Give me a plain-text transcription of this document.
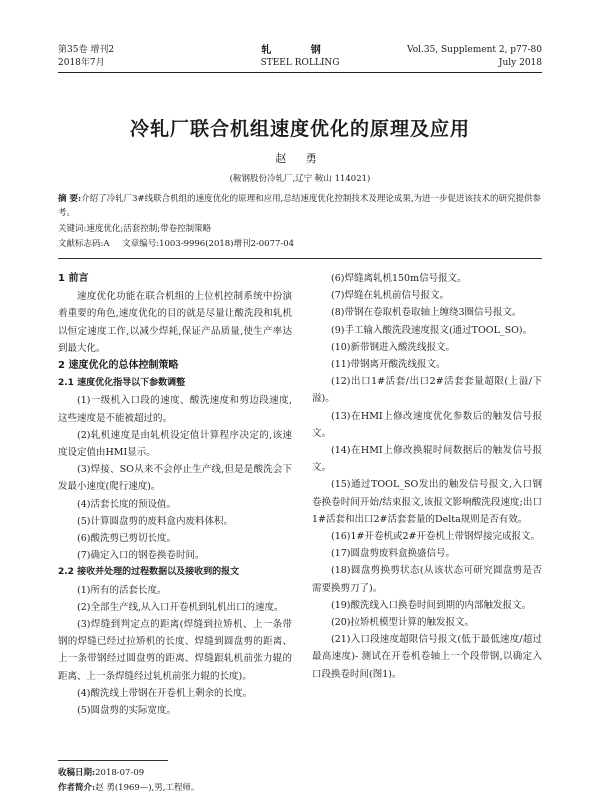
第35卷 增刊2
2018年7月
轧 钢
STEEL ROLLING
Vol.35, Supplement 2, p77-80
July 2018
冷轧厂联合机组速度优化的原理及应用
赵 勇
(鞍钢股份冷轧厂,辽宁 鞍山 114021)
摘 要:介绍了冷轧厂3#线联合机组的速度优化的原理和应用,总结速度优化控制技术及理论成果,为进一步促进该技术的研究提供参考。
关键词:速度优化;活套控制;带卷控制策略
文献标志码:A 文章编号:1003-9996(2018)增刊2-0077-04
1 前言
速度优化功能在联合机组的上位机控制系统中扮演着重要的角色,速度优化的目的就是尽量让酸洗段和轧机以恒定速度工作,以减少焊耗,保证产品质量,使生产率达到最大化。
2 速度优化的总体控制策略
2.1 速度优化指导以下参数调整
(1)一级机入口段的速度、酸洗速度和剪边段速度,这些速度是不能被超过的。
(2)轧机速度是由轧机设定值计算程序决定的,该速度设定值由HMI显示。
(3)焊接、SO从来不会停止生产线,但是是酸洗会下发最小速度(爬行速度)。
(4)活套长度的预设值。
(5)计算圆盘剪的废料盒内废料体积。
(6)酸洗剪已剪切长度。
(7)确定入口的钢卷换卷时间。
2.2 接收并处理的过程数据以及接收到的报文
(1)所有的活套长度。
(2)全部生产线,从入口开卷机到轧机出口的速度。
(3)焊缝到判定点的距离(焊缝到拉矫机、上一条带钢的焊缝已经过拉矫机的长度、焊缝到圆盘剪的距离、上一条带钢经过圆盘剪的距离、焊缝跟轧机前张力辊的距离、上一条焊缝经过轧机前张力辊的长度)。
(4)酸洗线上带钢在开卷机上剩余的长度。
(5)圆盘剪的实际宽度。
(6)焊缝离轧机150m信号报文。
(7)焊缝在轧机前信号报文。
(8)带钢在卷取机卷取轴上缠绕3圈信号报文。
(9)手工输入酸洗段速度报文(通过TOOL_SO)。
(10)新带钢进入酸洗线报文。
(11)带钢离开酸洗线报文。
(12)出口1#活套/出口2#活套套量超限(上溢/下溢)。
(13)在HMI上修改速度优化参数后的触发信号报文。
(14)在HMI上修改换辊时间数据后的触发信号报文。
(15)通过TOOL_SO发出的触发信号报文,入口钢卷换卷时间开始/结束报文,该报文影响酸洗段速度;出口1#活套和出口2#活套套量的Delta规则是否有效。
(16)1#开卷机或2#开卷机上带钢焊接完成报文。
(17)圆盘剪废料盒换盛信号。
(18)圆盘剪换剪状态(从该状态可研究圆盘剪是否需要换剪刀了)。
(19)酸洗线入口换卷时间到期的内部触发报文。
(20)拉矫机模型计算的触发报文。
(21)入口段速度超限信号报文(低于最低速度/超过最高速度)- 测试在开卷机卷轴上一个段带钢,以确定入口段换卷时间(图1)。
收稿日期:2018-07-09
作者简介:赵 勇(1969—),男,工程师。
